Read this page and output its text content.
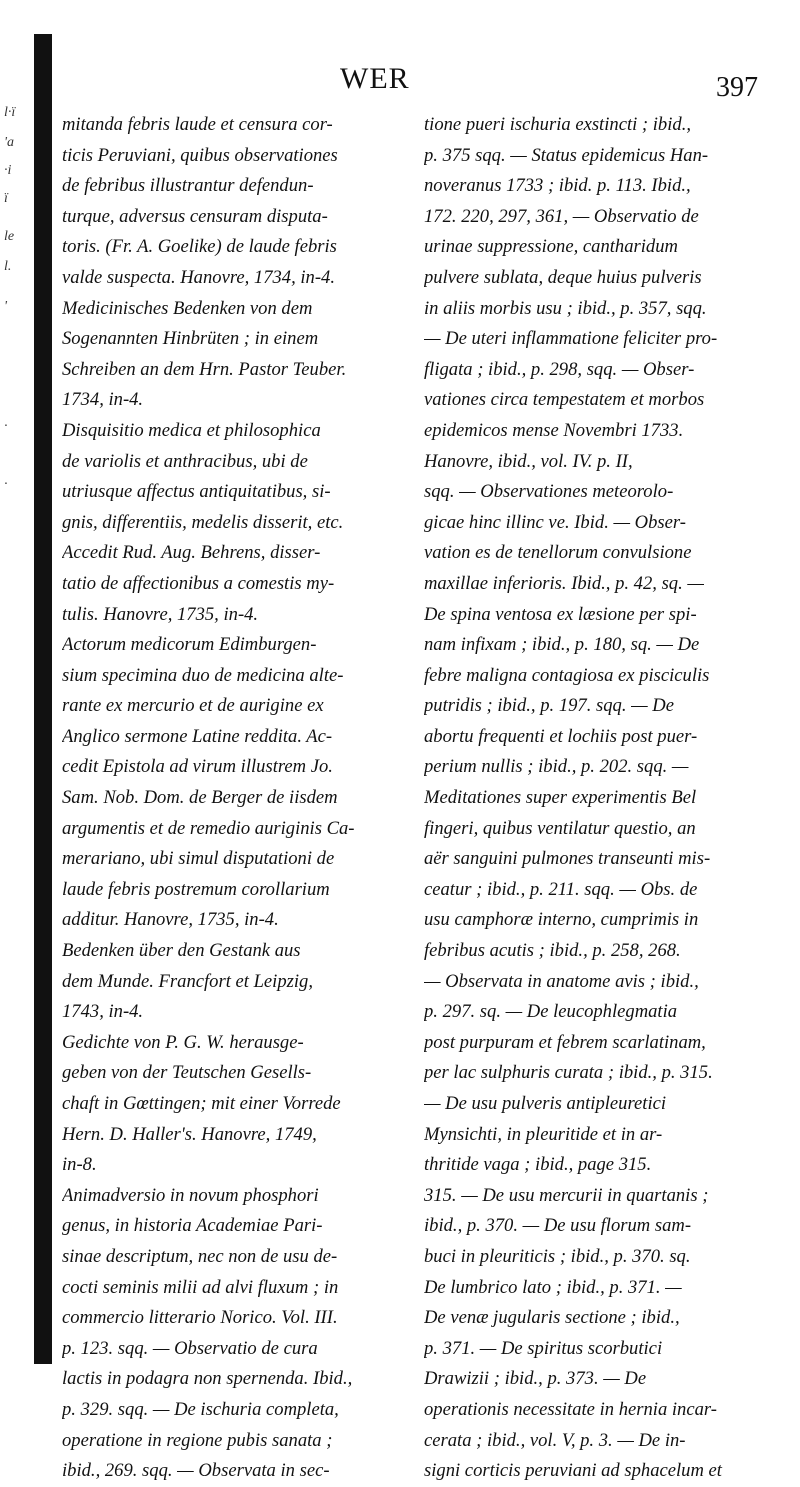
l·ï
'a
·i
ï
le
l.
'
·
·
WER	397
mitanda febris laude et censura cor-
ticis Peruviani, quibus observationes
de febribus illustrantur defendun-
turque, adversus censuram disputa-
toris. (Fr. A. Goelike) de laude febris
valde suspecta. Hanovre, 1734, in-4.
Medicinisches Bedenken von dem
Sogenannten Hinbrüten ; in einem
Schreiben an dem Hrn. Pastor Teuber.
1734, in-4.
Disquisitio medica et philosophica
de variolis et anthracibus, ubi de
utriusque affectus antiquitatibus, si-
gnis, differentiis, medelis disserit, etc.
Accedit Rud. Aug. Behrens, disser-
tatio de affectionibus a comestis my-
tulis. Hanovre, 1735, in-4.
Actorum medicorum Edimburgen-
sium specimina duo de medicina alte-
rante ex mercurio et de aurigine ex
Anglico sermone Latine reddita. Ac-
cedit Epistola ad virum illustrem Jo.
Sam. Nob. Dom. de Berger de iisdem
argumentis et de remedio auriginis Ca-
merariano, ubi simul disputationi de
laude febris postremum corollarium
additur. Hanovre, 1735, in-4.
Bedenken über den Gestank aus
dem Munde. Francfort et Leipzig,
1743, in-4.
Gedichte von P. G. W. herausge-
geben von der Teutschen Gesells-
chaft in Gœttingen; mit einer Vorrede
Hern. D. Haller's. Hanovre, 1749,
in-8.
Animadversio in novum phosphori
genus, in historia Academiae Pari-
sinae descriptum, nec non de usu de-
cocti seminis milii ad alvi fluxum ; in
commercio litterario Norico. Vol. III.
p. 123. sqq. — Observatio de cura
lactis in podagra non spernenda. Ibid.,
p. 329. sqq. — De ischuria completa,
operatione in regione pubis sanata ;
ibid., 269. sqq. — Observata in sec-
tione pueri ischuria exstincti ; ibid.,
p. 375 sqq. — Status epidemicus Han-
noveranus 1733 ; ibid. p. 113. Ibid.,
172. 220, 297, 361, — Observatio de
urinae suppressione, cantharidum
pulvere sublata, deque huius pulveris
in aliis morbis usu ; ibid., p. 357, sqq.
— De uteri inflammatione feliciter pro-
fligata ; ibid., p. 298, sqq. — Obser-
vationes circa tempestatem et morbos
epidemicos mense Novembri 1733.
Hanovre, ibid., vol. IV. p. II,
sqq. — Observationes meteorolo-
gicae hinc illinc ve. Ibid. — Obser-
vation es de tenellorum convulsione
maxillae inferioris. Ibid., p. 42, sq. —
De spina ventosa ex læsione per spi-
nam infixam ; ibid., p. 180, sq. — De
febre maligna contagiosa ex pisciculis
putridis ; ibid., p. 197. sqq. — De
abortu frequenti et lochiis post puer-
perium nullis ; ibid., p. 202. sqq. —
Meditationes super experimentis Bel
fingeri, quibus ventilatur questio, an
aër sanguini pulmones transeunti mis-
ceatur ; ibid., p. 211. sqq. — Obs. de
usu camphoræ interno, cumprimis in
febribus acutis ; ibid., p. 258, 268.
— Observata in anatome avis ; ibid.,
p. 297. sq. — De leucophlegmatia
post purpuram et febrem scarlatinam,
per lac sulphuris curata ; ibid., p. 315.
— De usu pulveris antipleuretici
Mynsichti, in pleuritide et in ar-
thritide vaga ; ibid., page 315.
315. — De usu mercurii in quartanis ;
ibid., p. 370. — De usu florum sam-
buci in pleuriticis ; ibid., p. 370. sq.
De lumbrico lato ; ibid., p. 371. —
De venæ jugularis sectione ; ibid.,
p. 371. — De spiritus scorbutici
Drawizii ; ibid., p. 373. — De
operationis necessitate in hernia incar-
cerata ; ibid., vol. V, p. 3. — De in-
signi corticis peruviani ad sphacelum et
